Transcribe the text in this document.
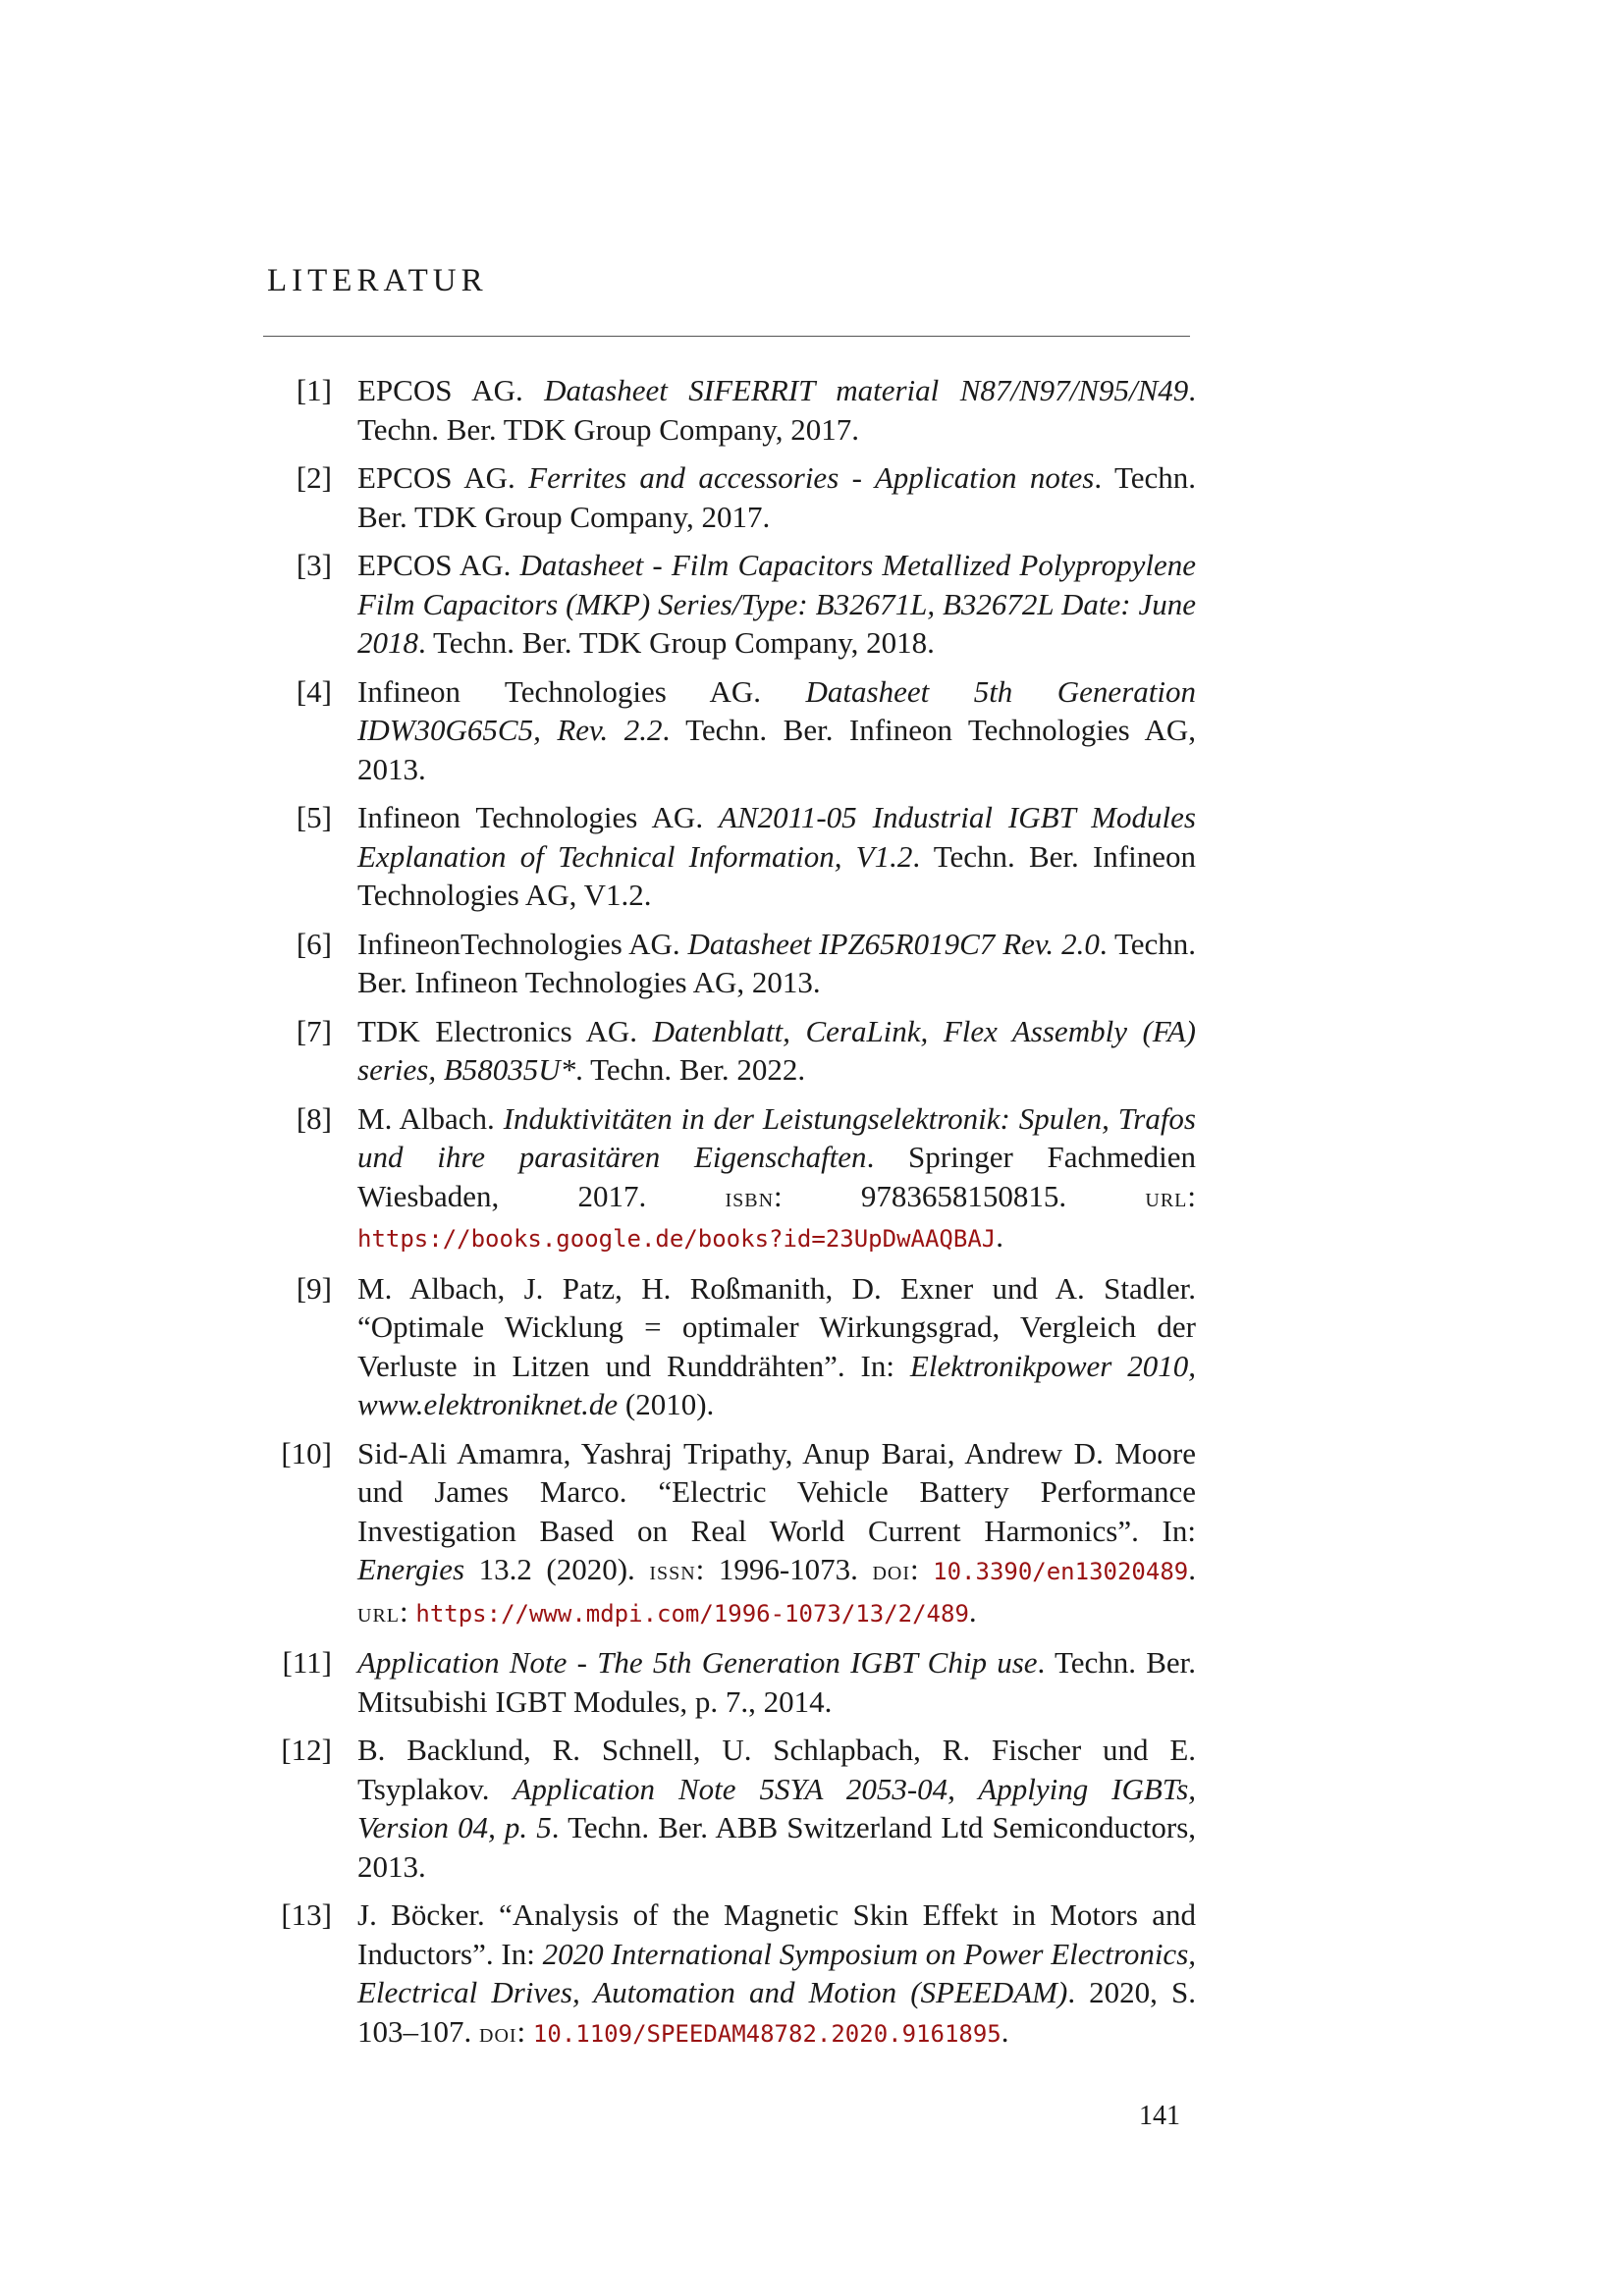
LITERATUR
[1] EPCOS AG. Datasheet SIFERRIT material N87/N97/N95/N49. Techn. Ber. TDK Group Company, 2017.
[2] EPCOS AG. Ferrites and accessories - Application notes. Techn. Ber. TDK Group Company, 2017.
[3] EPCOS AG. Datasheet - Film Capacitors Metallized Polypropylene Film Capacitors (MKP) Series/Type: B32671L, B32672L Date: June 2018. Techn. Ber. TDK Group Company, 2018.
[4] Infineon Technologies AG. Datasheet 5th Generation IDW30G65C5, Rev. 2.2. Techn. Ber. Infineon Technologies AG, 2013.
[5] Infineon Technologies AG. AN2011-05 Industrial IGBT Modules Explanation of Technical Information, V1.2. Techn. Ber. Infineon Technologies AG, V1.2.
[6] InfineonTechnologies AG. Datasheet IPZ65R019C7 Rev. 2.0. Techn. Ber. Infineon Technologies AG, 2013.
[7] TDK Electronics AG. Datenblatt, CeraLink, Flex Assembly (FA) series, B58035U*. Techn. Ber. 2022.
[8] M. Albach. Induktivitäten in der Leistungselektronik: Spulen, Trafos und ihre parasitären Eigenschaften. Springer Fachmedien Wiesbaden, 2017. isbn: 9783658150815. url: https://books.google.de/books?id=23UpDwAAQBAJ.
[9] M. Albach, J. Patz, H. Roßmanith, D. Exner und A. Stadler. “Optimale Wicklung = optimaler Wirkungsgrad, Vergleich der Verluste in Litzen und Runddrähten”. In: Elektronikpower 2010, www.elektroniknet.de (2010).
[10] Sid-Ali Amamra, Yashraj Tripathy, Anup Barai, Andrew D. Moore und James Marco. “Electric Vehicle Battery Performance Investigation Based on Real World Current Harmonics”. In: Energies 13.2 (2020). issn: 1996-1073. doi: 10.3390/en13020489. url: https://www.mdpi.com/1996-1073/13/2/489.
[11] Application Note - The 5th Generation IGBT Chip use. Techn. Ber. Mitsubishi IGBT Modules, p. 7., 2014.
[12] B. Backlund, R. Schnell, U. Schlapbach, R. Fischer und E. Tsyplakov. Application Note 5SYA 2053-04, Applying IGBTs, Version 04, p. 5. Techn. Ber. ABB Switzerland Ltd Semiconductors, 2013.
[13] J. Böcker. “Analysis of the Magnetic Skin Effekt in Motors and Inductors”. In: 2020 International Symposium on Power Electronics, Electrical Drives, Automation and Motion (SPEEDAM). 2020, S. 103–107. doi: 10.1109/SPEEDAM48782.2020.9161895.
141
